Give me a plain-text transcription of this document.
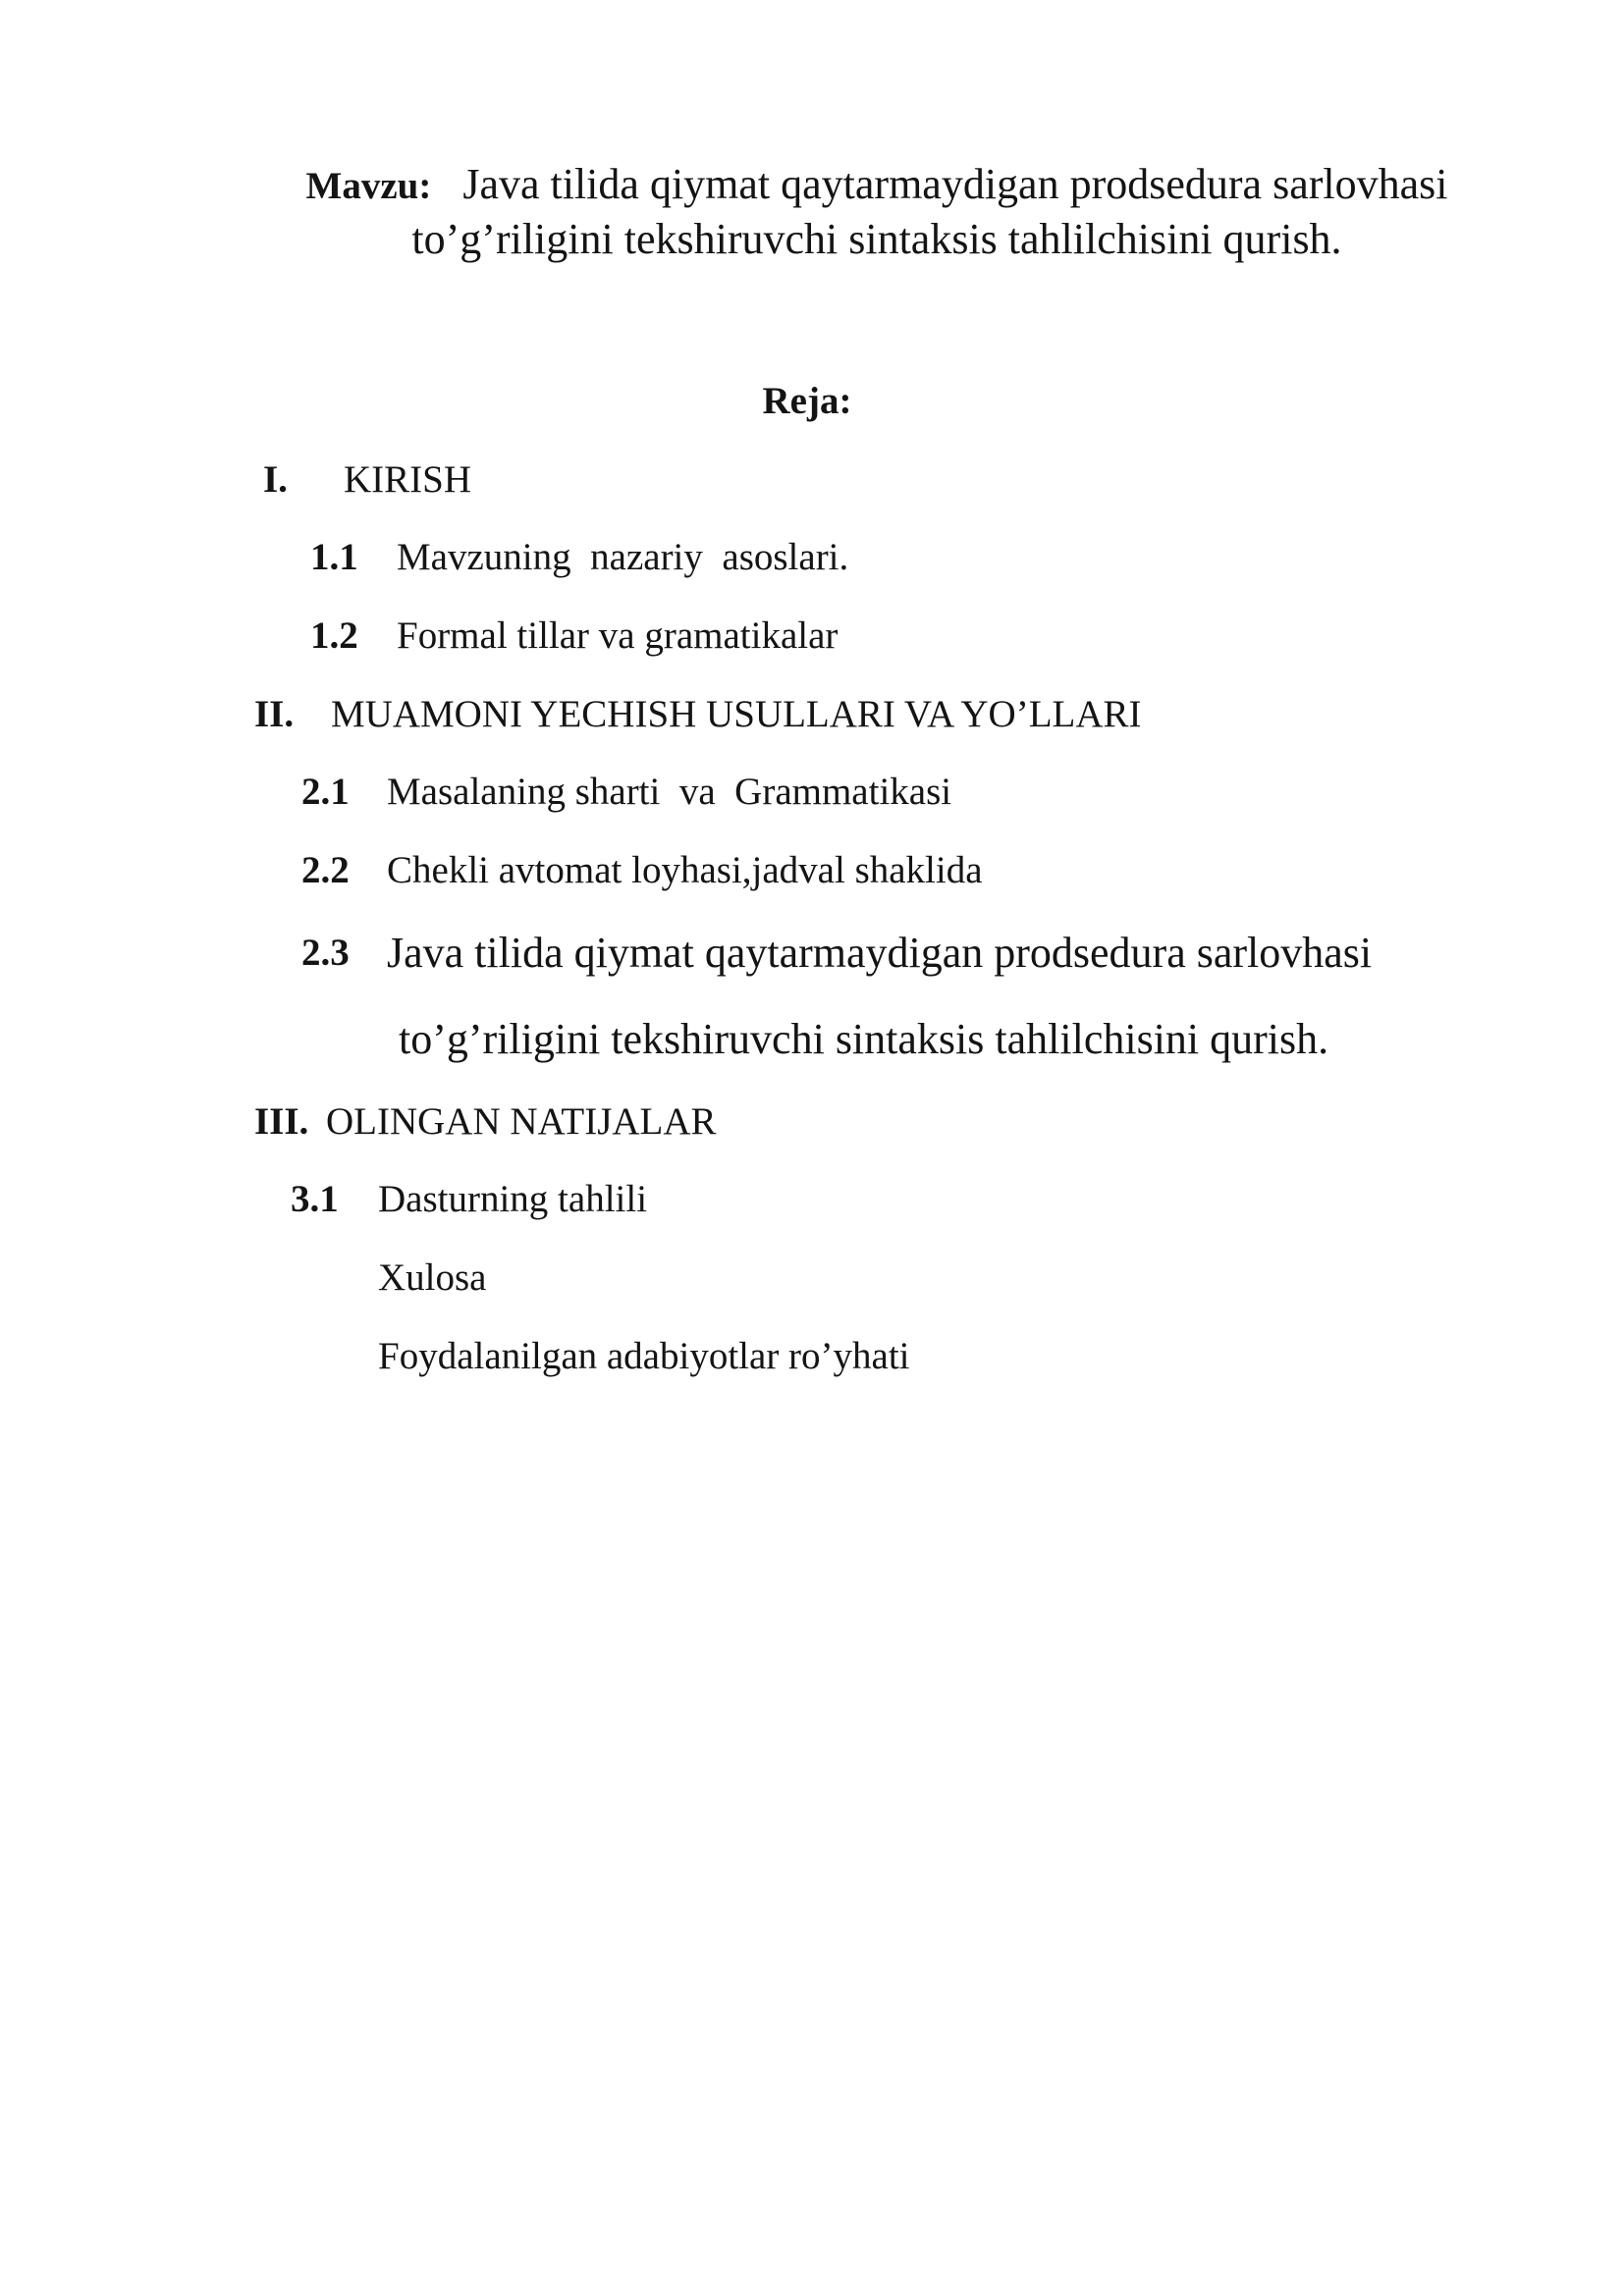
Mavzu: Java tilida qiymat qaytarmaydigan prodsedura sarlovhasi
to’g’riligini tekshiruvchi sintaksis tahlilchisini qurish.
Reja:

I.

KIRISH

1.1

Mavzuning  nazariy  asoslari.

1.2

Formal tillar va gramatikalar

II.

MUAMONI YECHISH USULLARI VA YO’LLARI

2.1

Masalaning sharti  va  Grammatikasi

2.2

Chekli avtomat loyhasi,jadval shaklida

2.3

Java tilida qiymat qaytarmaydigan prodsedura sarlovhasi

to’g’riligini tekshiruvchi sintaksis tahlilchisini qurish.

III.

OLINGAN NATIJALAR

3.1

Dasturning tahlili

Xulosa

Foydalanilgan adabiyotlar ro’yhati
